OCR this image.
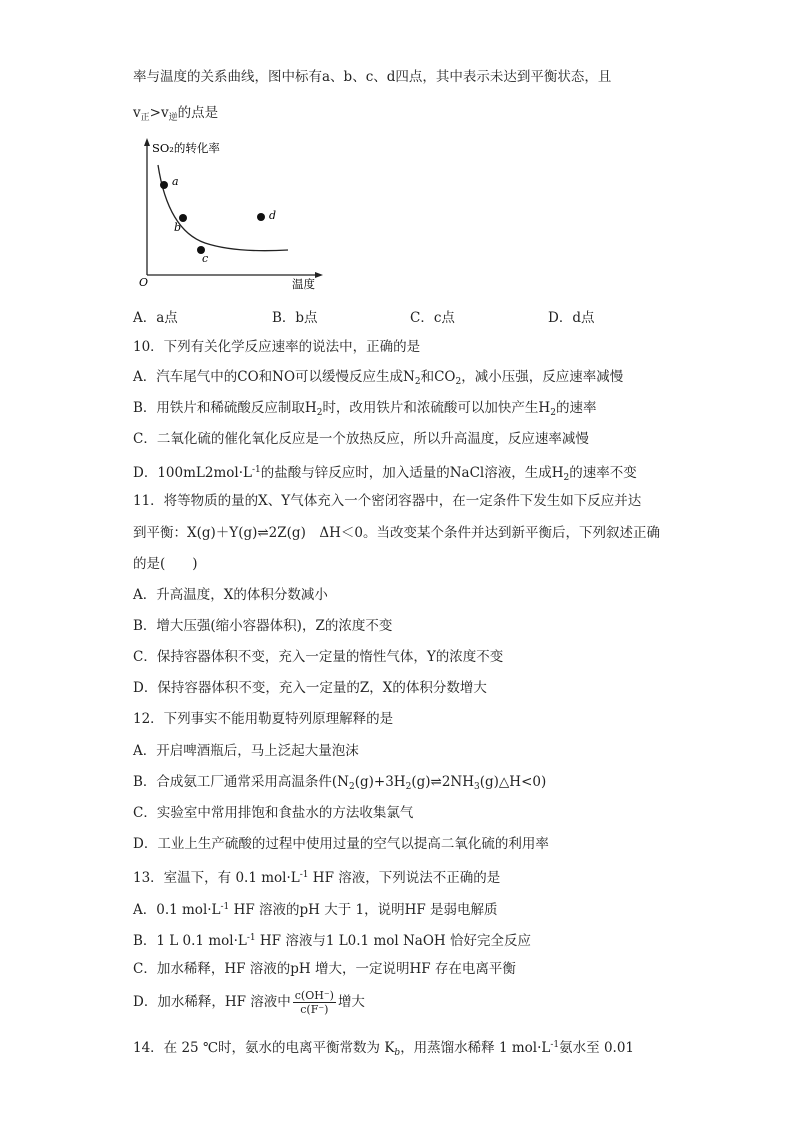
率与温度的关系曲线，图中标有a、b、c、d四点，其中表示未达到平衡状态，且
$v_正>v_逆$的点是
a
b
c
d
SO₂的转化率
温度
O
A．a点	B．b点	C．c点	D．d点
10．下列有关化学反应速率的说法中，正确的是
A．汽车尾气中的CO和NO可以缓慢反应生成$N_2$和$CO_2$，减小压强，反应速率减慢
B．用铁片和稀硫酸反应制取$H_2$时，改用铁片和浓硫酸可以加快产生$H_2$的速率
C．二氧化硫的催化氧化反应是一个放热反应，所以升高温度，反应速率减慢
D．$100mL2mol\cdot L^{-1}$的盐酸与锌反应时，加入适量的NaCl溶液，生成$H_2$的速率不变
11．将等物质的量的X、Y气体充入一个密闭容器中，在一定条件下发生如下反应并达
到平衡：X(g)＋Y(g)⇌2Z(g)　ΔH＜0。当改变某个条件并达到新平衡后，下列叙述正确
的是(　　)
A．升高温度，X的体积分数减小
B．增大压强(缩小容器体积)，Z的浓度不变
C．保持容器体积不变，充入一定量的惰性气体，Y的浓度不变
D．保持容器体积不变，充入一定量的Z，X的体积分数增大
12．下列事实不能用勒夏特列原理解释的是
A．开启啤酒瓶后，马上泛起大量泡沫
B．合成氨工厂通常采用高温条件$(N_2(g)+3H_2(g)\rightleftharpoons 2NH_3(g)\triangle H<0)$
C．实验室中常用排饱和食盐水的方法收集氯气
D．工业上生产硫酸的过程中使用过量的空气以提高二氧化硫的利用率
13．室温下，有 0.1 $mol\cdot L^{-1}$ HF 溶液，下列说法不正确的是
A．0.1 $mol\cdot L^{-1}$ HF 溶液的pH 大于 1，说明HF 是弱电解质
B．1 L 0.1 $mol\cdot L^{-1}$ HF 溶液与1 L0.1 mol NaOH 恰好完全反应
C．加水稀释，HF 溶液的pH 增大，一定说明HF 存在电离平衡
D．加水稀释，HF 溶液中 $\frac{c(OH^-)}{c(F^-)}$ 增大
14．在 25 ℃时，氨水的电离平衡常数为 $K_b$，用蒸馏水稀释 1 $mol\cdot L^{-1}$氨水至 0.01
